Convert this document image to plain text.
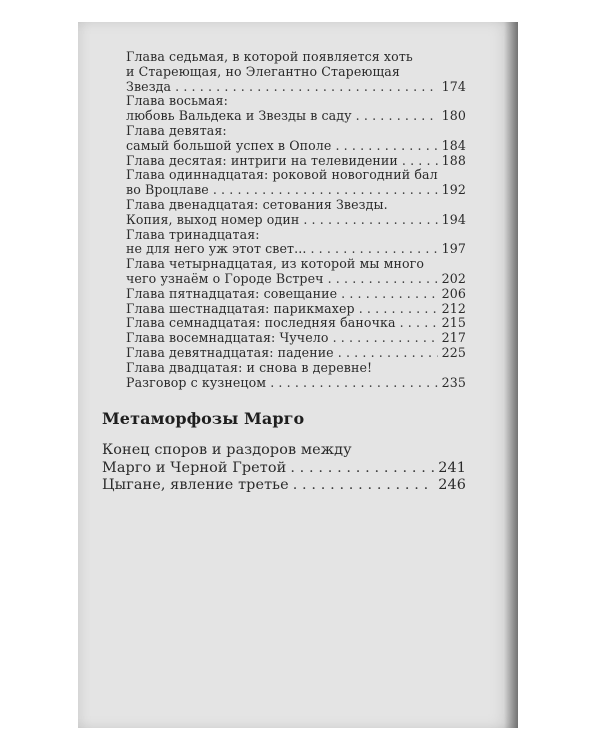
Глава седьмая, в которой появляется хоть
и Стареющая, но Элегантно Стареющая
Звезда . . .	174
Глава восьмая:
любовь Вальдека и Звезды в саду . . .	180
Глава девятая:
самый большой успех в Ополе . . .	184
Глава десятая: интриги на телевидении . . .	188
Глава одиннадцатая: роковой новогодний бал
во Вроцлаве . . .	192
Глава двенадцатая: сетования Звезды.
Копия, выход номер один . . .	194
Глава тринадцатая:
не для него уж этот свет... . . .	197
Глава четырнадцатая, из которой мы много
чего узнаём о Городе Встреч . . .	202
Глава пятнадцатая: совещание . . .	206
Глава шестнадцатая: парикмахер . . .	212
Глава семнадцатая: последняя баночка . . .	215
Глава восемнадцатая: Чучело . . .	217
Глава девятнадцатая: падение . . .	225
Глава двадцатая: и снова в деревне!
Разговор с кузнецом . . .	235
Метаморфозы Марго
Конец споров и раздоров между
Марго и Черной Гретой . . .	241
Цыгане, явление третье . . .	246
